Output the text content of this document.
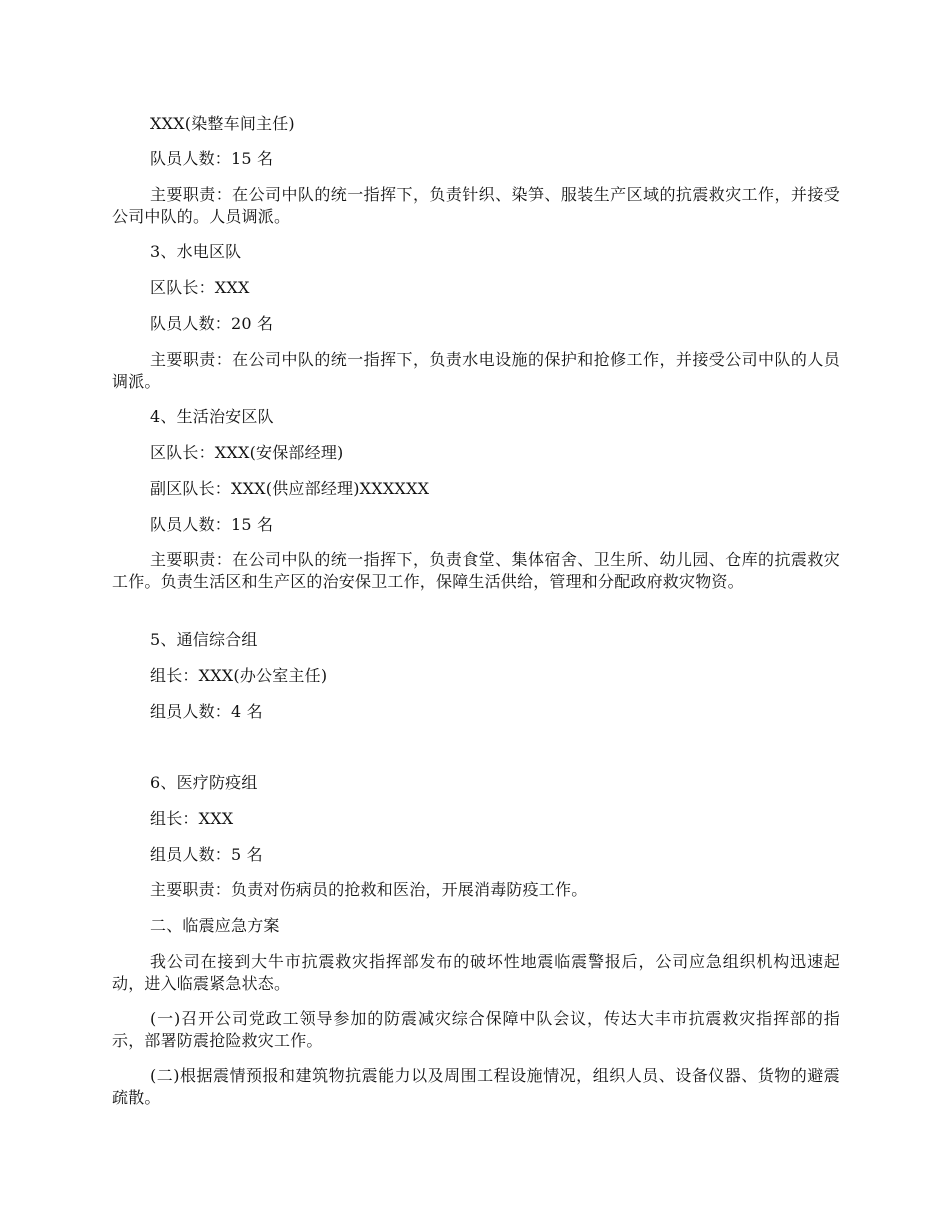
XXX(染整车间主任)
队员人数：15 名
主要职责：在公司中队的统一指挥下，负责针织、染笋、服装生产区域的抗震救灾工作，并接受公司中队的。人员调派。
3、水电区队
区队长：XXX
队员人数：20 名
主要职责：在公司中队的统一指挥下，负责水电设施的保护和抢修工作，并接受公司中队的人员调派。
4、生活治安区队
区队长：XXX(安保部经理)
副区队长：XXX(供应部经理)XXXXXX
队员人数：15 名
主要职责：在公司中队的统一指挥下，负责食堂、集体宿舍、卫生所、幼儿园、仓库的抗震救灾工作。负责生活区和生产区的治安保卫工作，保障生活供给，管理和分配政府救灾物资。
5、通信综合组
组长：XXX(办公室主任)
组员人数：4 名
6、医疗防疫组
组长：XXX
组员人数：5 名
主要职责：负责对伤病员的抢救和医治，开展消毒防疫工作。
二、临震应急方案
我公司在接到大牛市抗震救灾指挥部发布的破坏性地震临震警报后，公司应急组织机构迅速起动，进入临震紧急状态。
(一)召开公司党政工领导参加的防震减灾综合保障中队会议，传达大丰市抗震救灾指挥部的指示，部署防震抢险救灾工作。
(二)根据震情预报和建筑物抗震能力以及周围工程设施情况，组织人员、设备仪器、货物的避震疏散。
